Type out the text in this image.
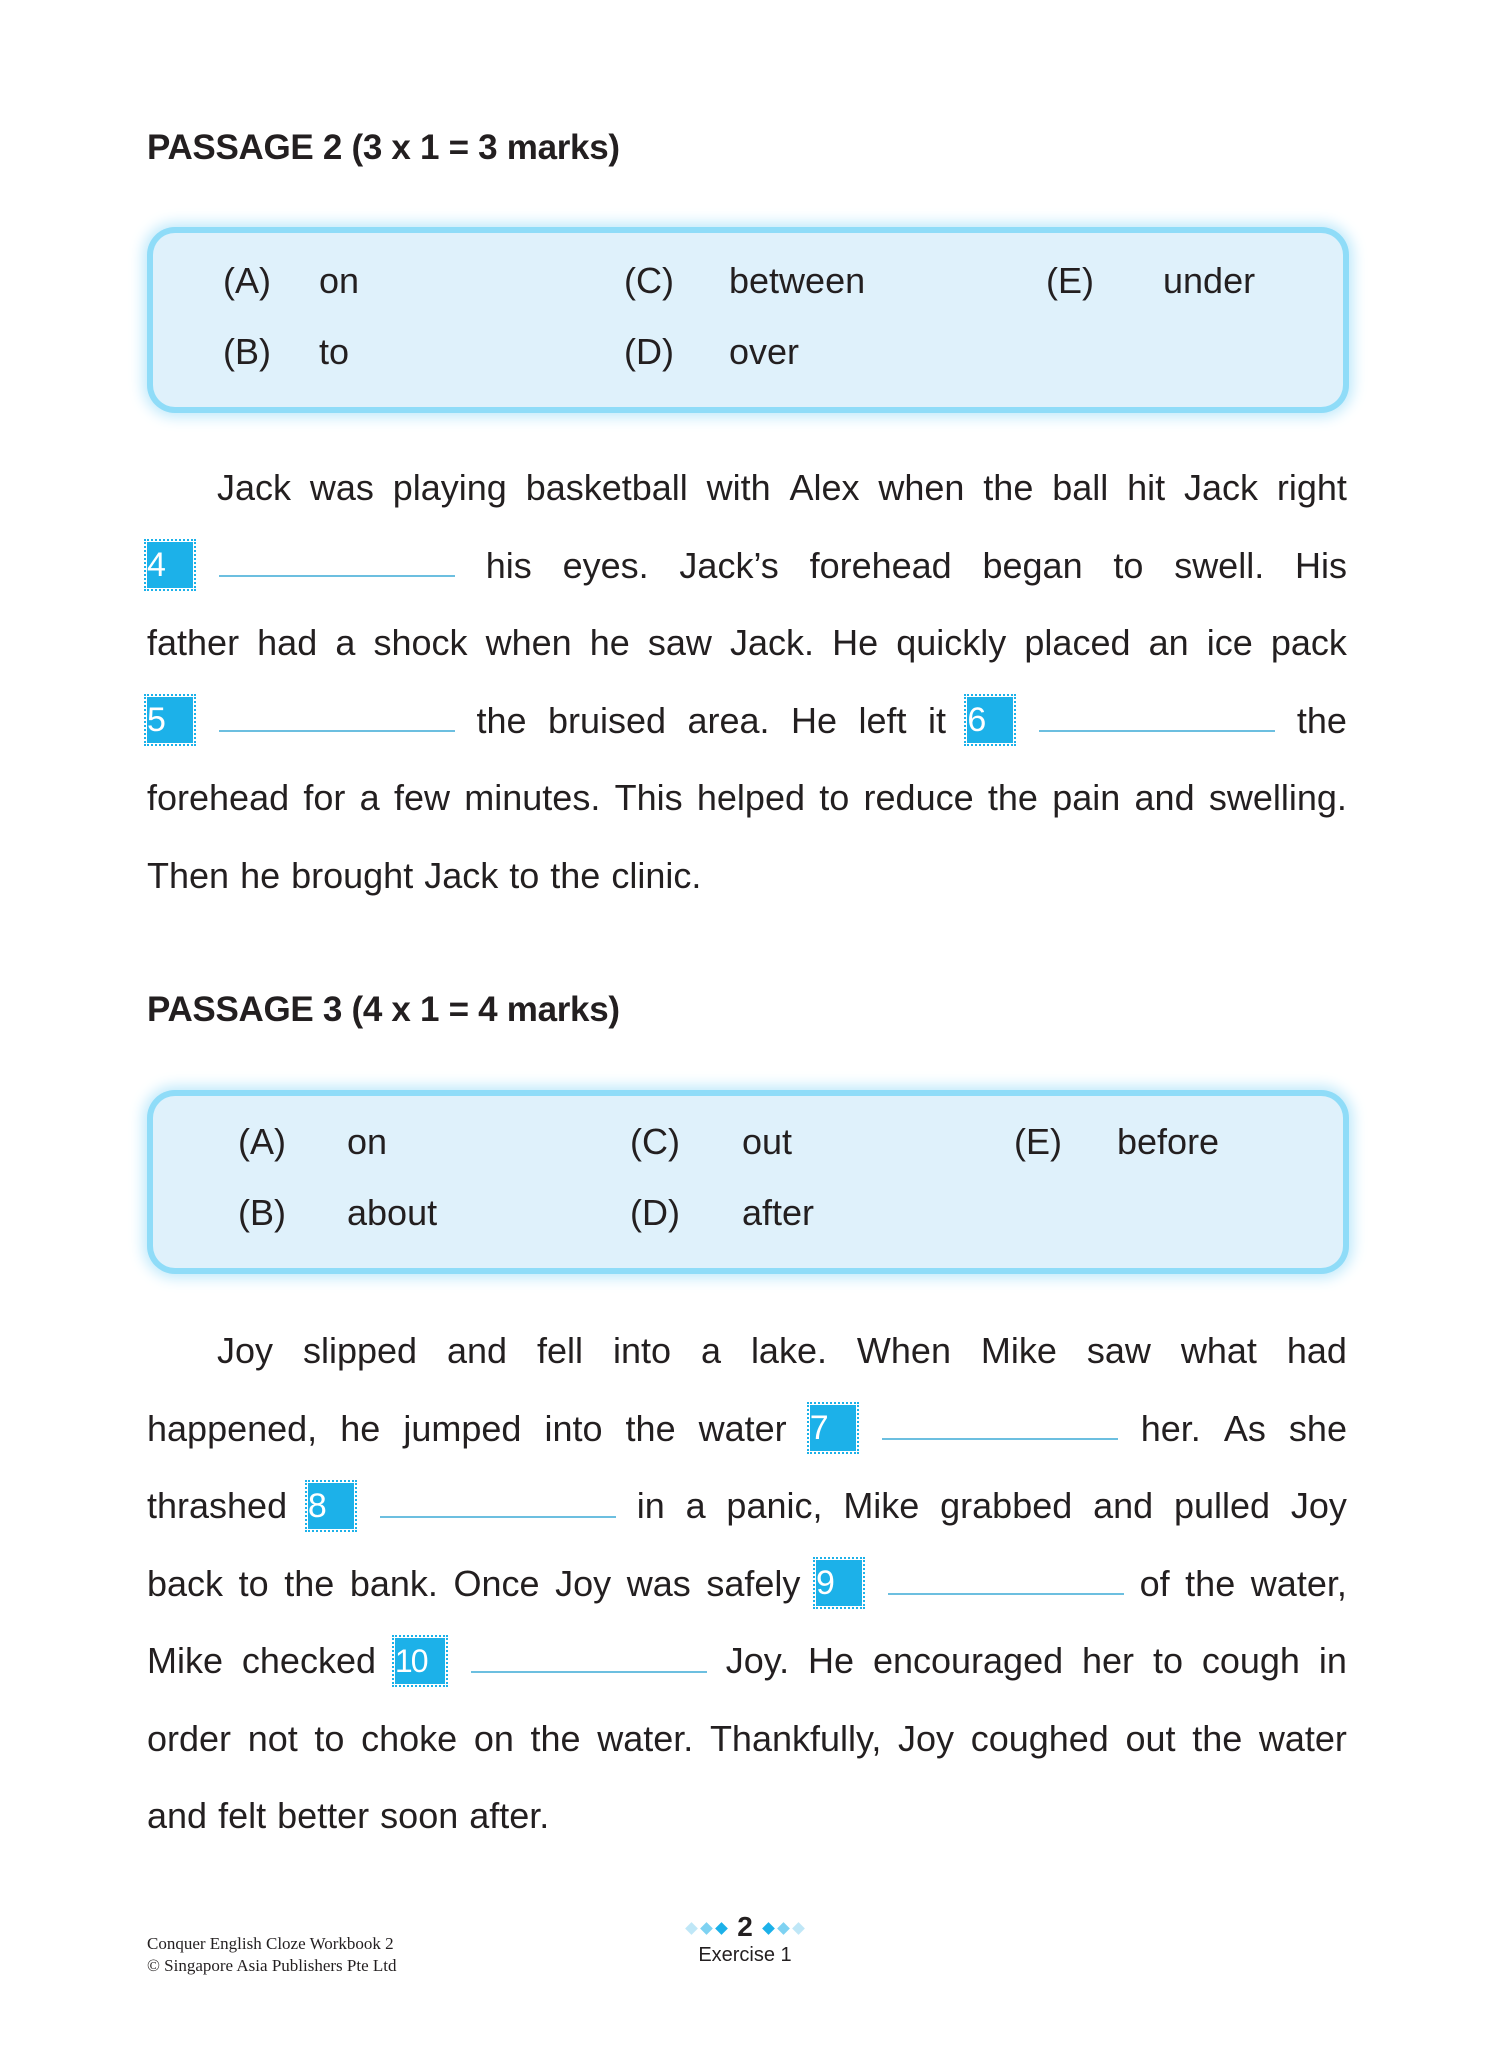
PASSAGE 2 (3 x 1 = 3 marks)
(A) on
(B) to
(C) between
(D) over
(E) under
Jack was playing basketball with Alex when the ball hit Jack right
4	his eyes. Jack’s forehead began to swell. His
father had a shock when he saw Jack. He quickly placed an ice pack
5	the bruised area. He left it 6	the
forehead for a few minutes. This helped to reduce the pain and swelling.
Then he brought Jack to the clinic.
PASSAGE 3 (4 x 1 = 4 marks)
(A) on
(B) about
(C) out
(D) after
(E) before
Joy slipped and fell into a lake. When Mike saw what had
happened, he jumped into the water 7	her. As she
thrashed 8	in a panic, Mike grabbed and pulled Joy
back to the bank. Once Joy was safely 9	of the water,
Mike checked 10	Joy. He encouraged her to cough in
order not to choke on the water. Thankfully, Joy coughed out the water
and felt better soon after.
Conquer English Cloze Workbook 2
© Singapore Asia Publishers Pte Ltd
2
Exercise 1
